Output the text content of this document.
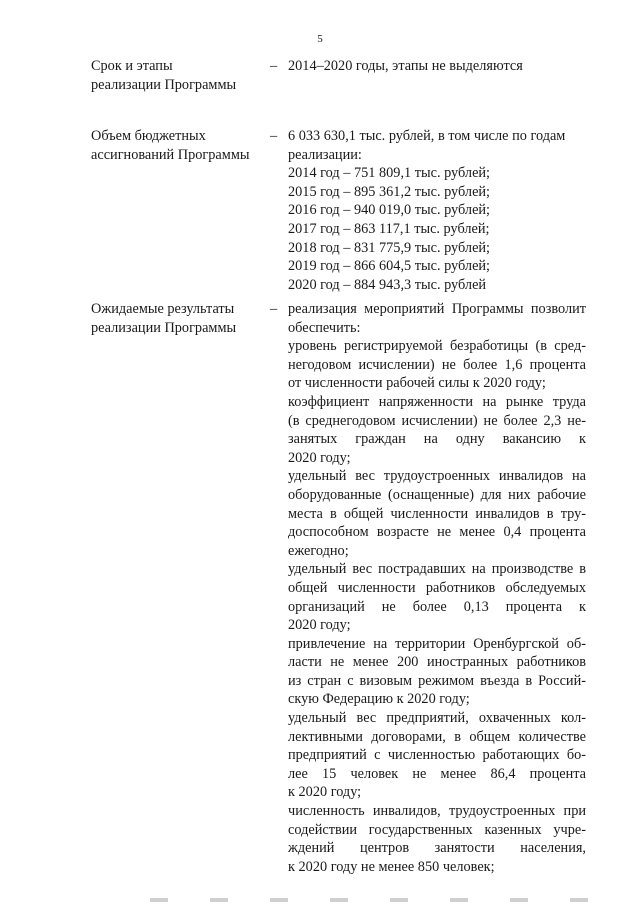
5
Срок и этапы
реализации Программы
– 2014–2020 годы, этапы не выделяются
Объем бюджетных
ассигнований Программы
– 6 033 630,1 тыс. рублей, в том числе по годам
реализации:
2014 год – 751 809,1 тыс. рублей;
2015 год – 895 361,2 тыс. рублей;
2016 год – 940 019,0 тыс. рублей;
2017 год – 863 117,1 тыс. рублей;
2018 год – 831 775,9 тыс. рублей;
2019 год – 866 604,5 тыс. рублей;
2020 год – 884 943,3 тыс. рублей
Ожидаемые результаты
реализации Программы
– реализация мероприятий Программы позволит
обеспечить:
уровень регистрируемой безработицы (в сред-
негодовом исчислении) не более 1,6 процента
от численности рабочей силы к 2020 году;
коэффициент напряженности на рынке труда
(в среднегодовом исчислении) не более 2,3 не-
занятых граждан на одну вакансию к
2020 году;
удельный вес трудоустроенных инвалидов на
оборудованные (оснащенные) для них рабочие
места в общей численности инвалидов в тру-
доспособном возрасте не менее 0,4 процента
ежегодно;
удельный вес пострадавших на производстве в
общей численности работников обследуемых
организаций не более 0,13 процента к
2020 году;
привлечение на территории Оренбургской об-
ласти не менее 200 иностранных работников
из стран с визовым режимом въезда в Россий-
скую Федерацию к 2020 году;
удельный вес предприятий, охваченных кол-
лективными договорами, в общем количестве
предприятий с численностью работающих бо-
лее 15 человек не менее 86,4 процента
к 2020 году;
численность инвалидов, трудоустроенных при
содействии государственных казенных учре-
ждений центров занятости населения,
к 2020 году не менее 850 человек;
